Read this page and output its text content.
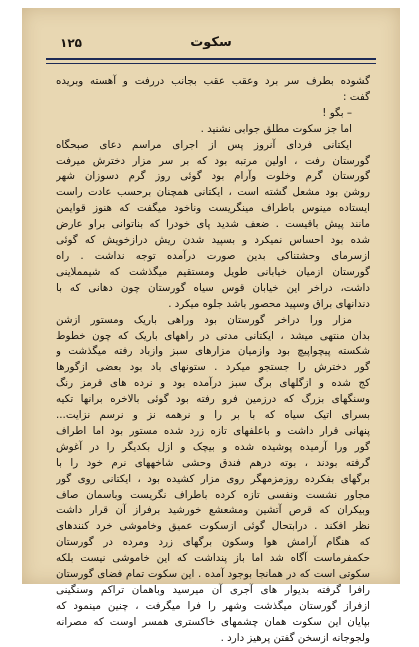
۱۲۵	سکوت

گشوده بطرف سر برد وعقب عقب بجانب دررفت و آهسته وبریده
گفت :

– بگو !

اما جز سکوت مطلق جوابی نشنید .

ایکتانی فردای آنروز پس از اجرای مراسم دعای صبحگاه
گورستان رفت ، اولین مرتبه بود که بر سر مزار دخترش میرفت
گورستان گرم وخلوت وآرام بود گوئی روز گرم دسوزان شهر
روشن بود مشعل گشته است ، ایکتانی همچنان برحسب عادت راست
ایستاده مینوس باطراف مینگریست وناخود میگفت که هنوز قوایمن
مانند پیش باقیست . ضعف شدید پای خودرا که بناتوانی براو عارض
شده بود احساس نمیکرد و بسپید شدن ریش درازخویش که گوئی
ازسرمای وحشتناکی بدین صورت درآمده توجه نداشت . راه
گورستان ازمیان خیابانی طویل ومستقیم میگذشت که شیمملاینی
داشت، دراخر این خیابان قوس سیاه گورستان چون دهانی که با
دندانهای براق وسپید محصور باشد جلوه میکرد .

مزار ورا دراخر گورستان بود وراهی باریک ومستور ازشن
بدان منتهی میشد ، ایکتانی مدتی در راههای باریک که چون خطوط
شکسته پیچواپیچ بود وازمیان مزارهای سبز وازباد رفته میگذشت و
گور دخترش را جستجو میکرد . ستونهای باد بود بعضی ازگورها
کج شده و ازگلهای برگ سبز درآمده بود و نرده های قرمز رنگ
وسنگهای بزرگ که درزمین فرو رفته بود گوئی بالاخره برانها تکیه
بسرای اتیک سیاه که با بر را و نرهمه نز و نرسم نزایت...
پنهانی قرار داشت و باعلفهای تازه زرد شده مستور بود اما اطراف
گور ورا آرمیده پوشیده شده و بیچک و ازل بکدیگر را در آغوش
گرفته بودند ، بوته درهم فندق وحشی شاخههای نرم خود را با
برگهای بفکرده روزمزمهگر روی مزار کشیده بود ، ایکتانی روی گور
مجاور نشست ونفسی تازه کرده باطراف نگریست وباسمان صاف
وبیکران که قرص آتشین ومشعشع خورشید برفراز آن قرار داشت
نظر افکند . درابتحال گوئی ازسکوت عمیق وخاموشی خرد کنندهای
که هنگام آرامش هوا وسکون برگهای زرد ومرده در گورستان
حکمفرماست آگاه شد اما باز پنداشت که این خاموشی نیست بلکه
سکوتی است که در همانجا بوجود آمده . این سکوت تمام فضای گورستان
رافرا گرفته بدیوار های آجری آن میرسید وباهمان تراکم وسنگینی
ازفراز گورستان میگذشت وشهر را فرا میگرفت ، چنین مینمود که
بپایان این سکوت همان چشمهای خاکستری همسر اوست که مصرانه
ولجوجانه ازسخن گفتن پرهیز دارد .
